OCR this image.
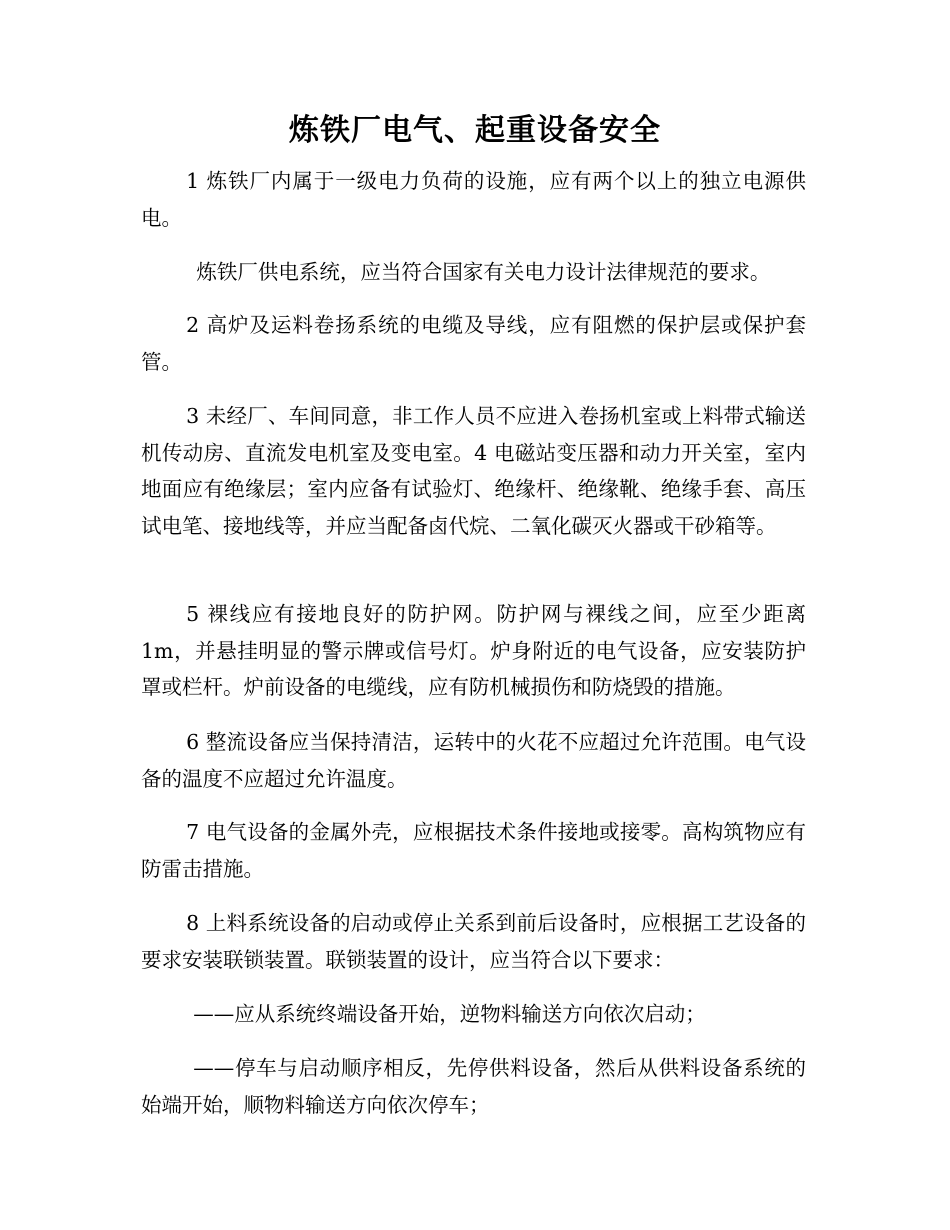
炼铁厂电气、起重设备安全

1 炼铁厂内属于一级电力负荷的设施，应有两个以上的独立电源供电。

炼铁厂供电系统，应当符合国家有关电力设计法律规范的要求。

2 高炉及运料卷扬系统的电缆及导线，应有阻燃的保护层或保护套管。

3 未经厂、车间同意，非工作人员不应进入卷扬机室或上料带式输送机传动房、直流发电机室及变电室。4 电磁站变压器和动力开关室，室内地面应有绝缘层；室内应备有试验灯、绝缘杆、绝缘靴、绝缘手套、高压试电笔、接地线等，并应当配备卤代烷、二氧化碳灭火器或干砂箱等。

5 裸线应有接地良好的防护网。防护网与裸线之间，应至少距离1m，并悬挂明显的警示牌或信号灯。炉身附近的电气设备，应安装防护罩或栏杆。炉前设备的电缆线，应有防机械损伤和防烧毁的措施。

6 整流设备应当保持清洁，运转中的火花不应超过允许范围。电气设备的温度不应超过允许温度。

7 电气设备的金属外壳，应根据技术条件接地或接零。高构筑物应有防雷击措施。

8 上料系统设备的启动或停止关系到前后设备时，应根据工艺设备的要求安装联锁装置。联锁装置的设计，应当符合以下要求：

——应从系统终端设备开始，逆物料输送方向依次启动；

——停车与启动顺序相反，先停供料设备，然后从供料设备系统的始端开始，顺物料输送方向依次停车；
